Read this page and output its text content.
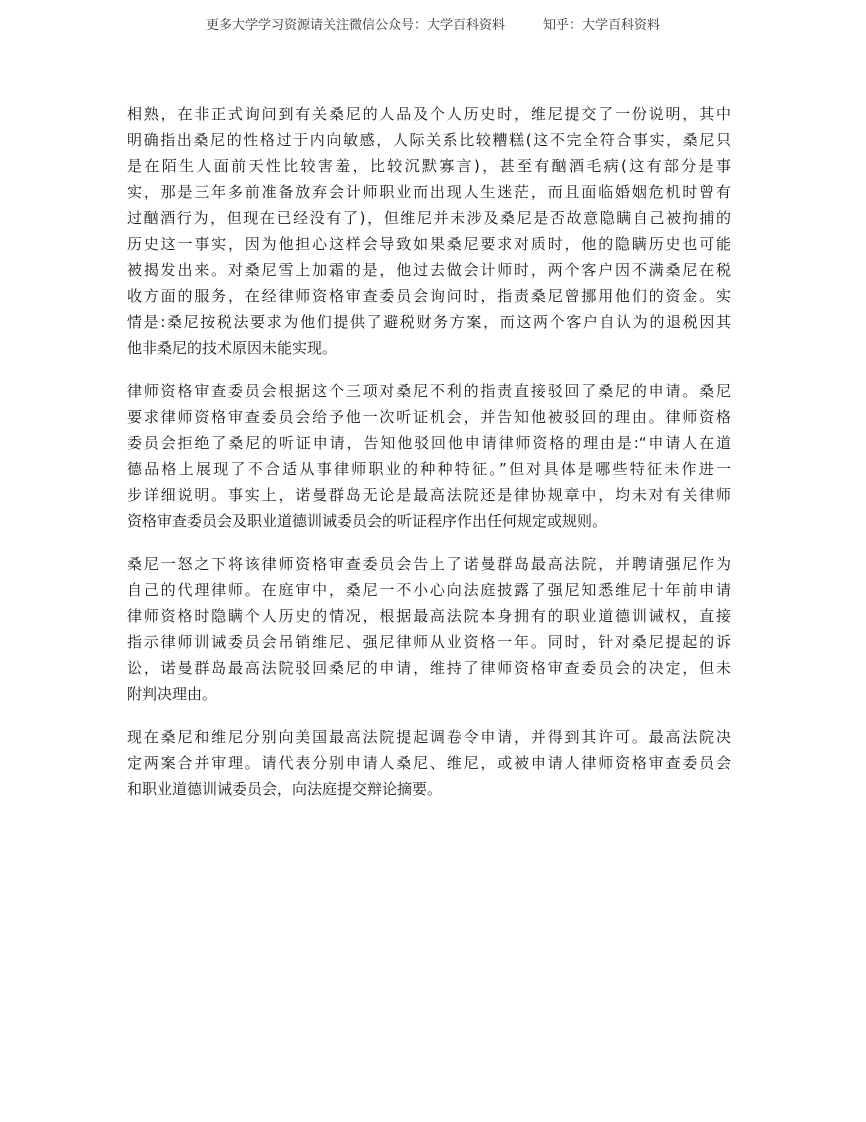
更多大学学习资源请关注微信公众号：大学百科资料	知乎：大学百科资料
相熟，在非正式询问到有关桑尼的人品及个人历史时，维尼提交了一份说明，其中
明确指出桑尼的性格过于内向敏感，人际关系比较糟糕(这不完全符合事实，桑尼只
是在陌生人面前天性比较害羞，比较沉默寡言)，甚至有酗酒毛病(这有部分是事
实，那是三年多前准备放弃会计师职业而出现人生迷茫，而且面临婚姻危机时曾有
过酗酒行为，但现在已经没有了)，但维尼并未涉及桑尼是否故意隐瞒自己被拘捕的
历史这一事实，因为他担心这样会导致如果桑尼要求对质时，他的隐瞒历史也可能
被揭发出来。对桑尼雪上加霜的是，他过去做会计师时，两个客户因不满桑尼在税
收方面的服务，在经律师资格审查委员会询问时，指责桑尼曾挪用他们的资金。实
情是:桑尼按税法要求为他们提供了避税财务方案，而这两个客户自认为的退税因其
他非桑尼的技术原因未能实现。
律师资格审查委员会根据这个三项对桑尼不利的指责直接驳回了桑尼的申请。桑尼
要求律师资格审查委员会给予他一次听证机会，并告知他被驳回的理由。律师资格
委员会拒绝了桑尼的听证申请，告知他驳回他申请律师资格的理由是:“申请人在道
德品格上展现了不合适从事律师职业的种种特征。”但对具体是哪些特征未作进一
步详细说明。事实上，诺曼群岛无论是最高法院还是律协规章中，均未对有关律师
资格审查委员会及职业道德训诫委员会的听证程序作出任何规定或规则。
桑尼一怒之下将该律师资格审查委员会告上了诺曼群岛最高法院，并聘请强尼作为
自己的代理律师。在庭审中，桑尼一不小心向法庭披露了强尼知悉维尼十年前申请
律师资格时隐瞒个人历史的情况，根据最高法院本身拥有的职业道德训诫权，直接
指示律师训诫委员会吊销维尼、强尼律师从业资格一年。同时，针对桑尼提起的诉
讼，诺曼群岛最高法院驳回桑尼的申请，维持了律师资格审查委员会的决定，但未
附判决理由。
现在桑尼和维尼分别向美国最高法院提起调卷令申请，并得到其许可。最高法院决
定两案合并审理。请代表分别申请人桑尼、维尼，或被申请人律师资格审查委员会
和职业道德训诫委员会，向法庭提交辩论摘要。
